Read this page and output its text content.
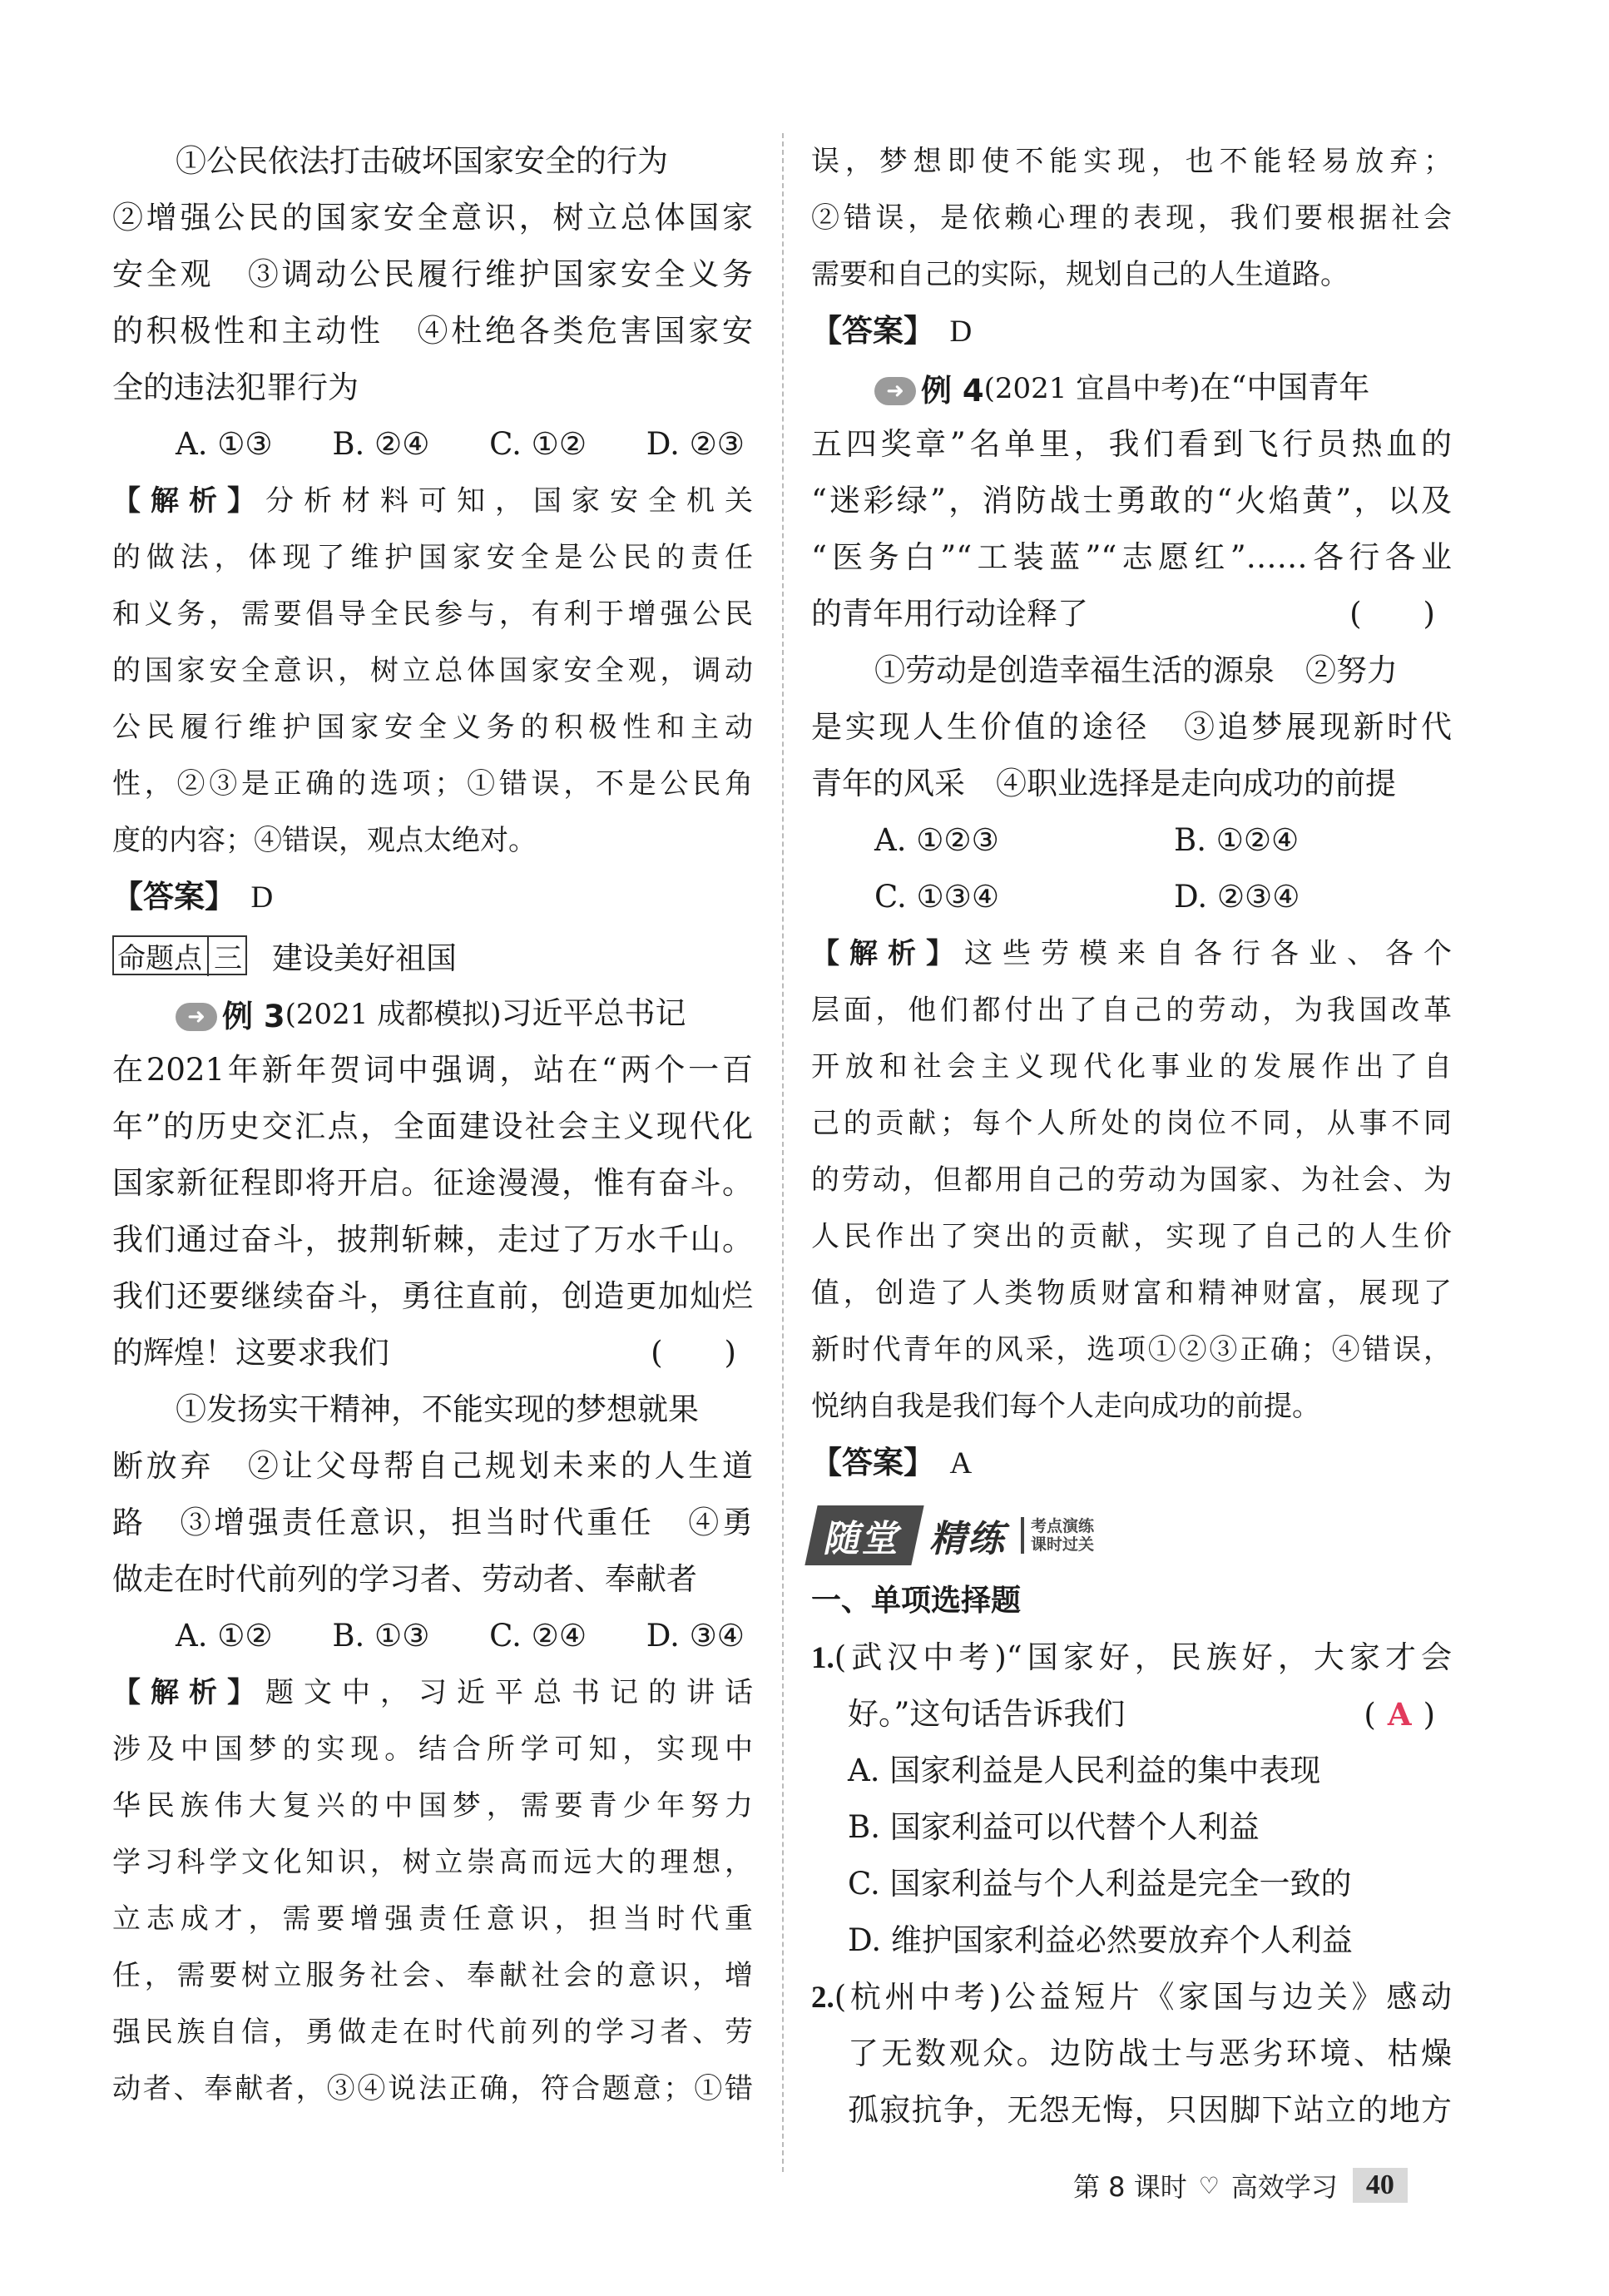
①公民依法打击破坏国家安全的行为
②增强公民的国家安全意识，树立总体国家
安全观　③调动公民履行维护国家安全义务
的积极性和主动性　④杜绝各类危害国家安
全的违法犯罪行为
A. ①③ B. ②④ C. ①② D. ②③
【解析】分析材料可知，国家安全机关
的做法，体现了维护国家安全是公民的责任
和义务，需要倡导全民参与，有利于增强公民
的国家安全意识，树立总体国家安全观，调动
公民履行维护国家安全义务的积极性和主动
性，②③是正确的选项；①错误，不是公民角
度的内容；④错误，观点太绝对。
【答案】　 D
命题点 三 建设美好祖国
➜ 例 3 (2021 成都模拟)习近平总书记
在2021年新年贺词中强调，站在“两个一百
年”的历史交汇点，全面建设社会主义现代化
国家新征程即将开启。征途漫漫，惟有奋斗。
我们通过奋斗，披荆斩棘，走过了万水千山。
我们还要继续奋斗，勇往直前，创造更加灿烂
的辉煌！这要求我们	(　　)
①发扬实干精神，不能实现的梦想就果
断放弃　②让父母帮自己规划未来的人生道
路　③增强责任意识，担当时代重任　④勇
做走在时代前列的学习者、劳动者、奉献者
A. ①② B. ①③ C. ②④ D. ③④
【解析】题文中，习近平总书记的讲话
涉及中国梦的实现。结合所学可知，实现中
华民族伟大复兴的中国梦，需要青少年努力
学习科学文化知识，树立崇高而远大的理想，
立志成才，需要增强责任意识，担当时代重
任，需要树立服务社会、奉献社会的意识，增
强民族自信，勇做走在时代前列的学习者、劳
动者、奉献者，③④说法正确，符合题意；①错
误，梦想即使不能实现，也不能轻易放弃；
②错误，是依赖心理的表现，我们要根据社会
需要和自己的实际，规划自己的人生道路。
【答案】　 D
➜ 例 4 (2021 宜昌中考)在“中国青年
五四奖章”名单里，我们看到飞行员热血的
“迷彩绿”，消防战士勇敢的“火焰黄”，以及
“医务白”“工装蓝”“志愿红”……各行各业
的青年用行动诠释了	(　　)
①劳动是创造幸福生活的源泉　②努力
是实现人生价值的途径　③追梦展现新时代
青年的风采　④职业选择是走向成功的前提
A. ①②③	B. ①②④
C. ①③④	D. ②③④
【解析】这些劳模来自各行各业、各个
层面，他们都付出了自己的劳动，为我国改革
开放和社会主义现代化事业的发展作出了自
己的贡献；每个人所处的岗位不同，从事不同
的劳动，但都用自己的劳动为国家、为社会、为
人民作出了突出的贡献，实现了自己的人生价
值，创造了人类物质财富和精神财富，展现了
新时代青年的风采，选项①②③正确；④错误，
悦纳自我是我们每个人走向成功的前提。
【答案】　 A
随堂 精练	考点演练
课时过关
一、单项选择题
1.(武汉中考)“国家好，民族好，大家才会
好。”这句话告诉我们	( A )
A. 国家利益是人民利益的集中表现
B. 国家利益可以代替个人利益
C. 国家利益与个人利益是完全一致的
D. 维护国家利益必然要放弃个人利益
2.(杭州中考)公益短片《家国与边关》感动
了无数观众。边防战士与恶劣环境、枯燥
孤寂抗争，无怨无悔，只因脚下站立的地方
第 8 课时 ♡ 高效学习	40
